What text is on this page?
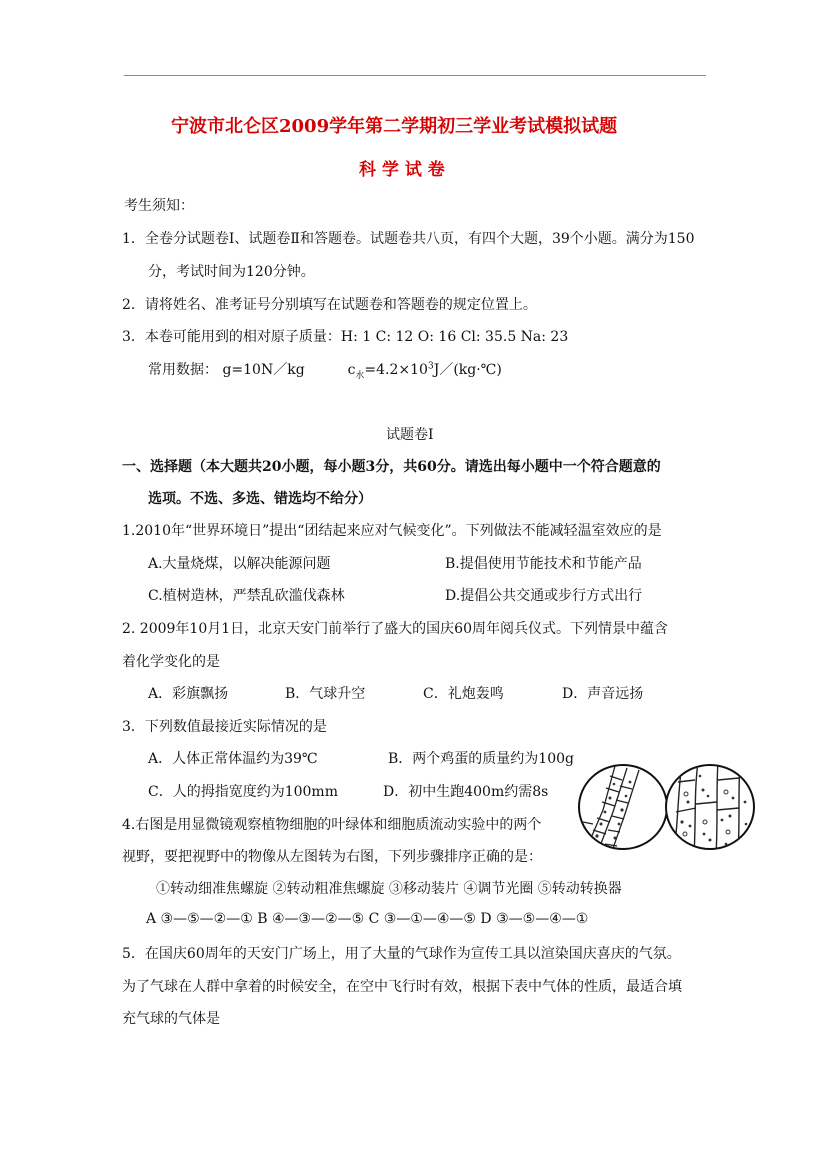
宁波市北仑区2009学年第二学期初三学业考试模拟试题
科 学 试 卷
考生须知：
1．全卷分试题卷Ⅰ、试题卷Ⅱ和答题卷。试题卷共八页，有四个大题，39个小题。满分为150
分，考试时间为120分钟。
2．请将姓名、准考证号分别填写在试题卷和答题卷的规定位置上。
3．本卷可能用到的相对原子质量：H: 1 C: 12 O: 16 Cl: 35.5 Na: 23
常用数据： g=10N／kg	$c_水=4.2\times 10^3J/(kg\cdot℃)$
试题卷Ⅰ
一、选择题（本大题共20小题，每小题3分，共60分。请选出每小题中一个符合题意的
选项。不选、多选、错选均不给分）
1.2010年“世界环境日”提出“团结起来应对气候变化”。下列做法不能减轻温室效应的是
A.大量烧煤，以解决能源问题	B.提倡使用节能技术和节能产品
C.植树造林，严禁乱砍滥伐森林	D.提倡公共交通或步行方式出行
2. 2009年10月1日，北京天安门前举行了盛大的国庆60周年阅兵仪式。下列情景中蕴含
着化学变化的是
A．彩旗飘扬	B．气球升空	C．礼炮轰鸣	D．声音远扬
3．下列数值最接近实际情况的是
A．人体正常体温约为39℃	B．两个鸡蛋的质量约为100g
C．人的拇指宽度约为100mm	D．初中生跑400m约需8s
4.右图是用显微镜观察植物细胞的叶绿体和细胞质流动实验中的两个
视野，要把视野中的物像从左图转为右图，下列步骤排序正确的是：
①转动细准焦螺旋 ②转动粗准焦螺旋 ③移动装片 ④调节光圈 ⑤转动转换器
A ③—⑤—②—① B ④—③—②—⑤ C ③—①—④—⑤ D ③—⑤—④—①
5．在国庆60周年的天安门广场上，用了大量的气球作为宣传工具以渲染国庆喜庆的气氛。
为了气球在人群中拿着的时候安全，在空中飞行时有效，根据下表中气体的性质，最适合填
充气球的气体是
